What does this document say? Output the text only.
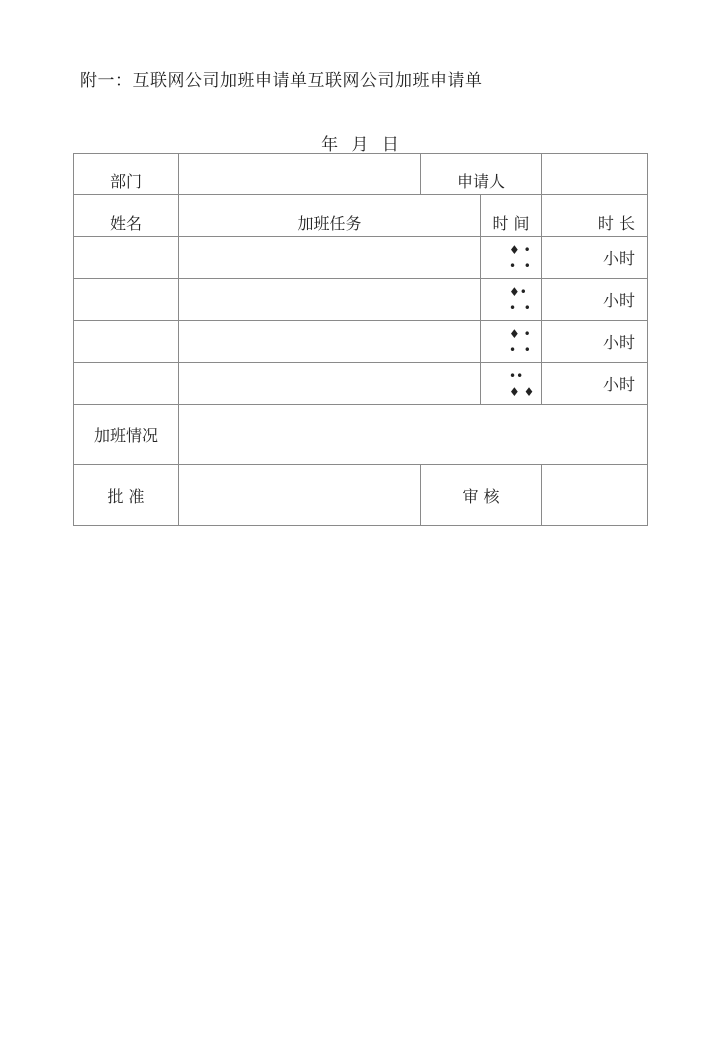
附一：互联网公司加班申请单互联网公司加班申请单
年 月 日
部门		申请人		
姓名	加班任务		时 间	时 长

			♦ •
•  •	小时

			♦•
•  •	小时

			♦ •
•  •	小时

			••
♦ ♦	小时
加班情况				
批 准		审 核		
